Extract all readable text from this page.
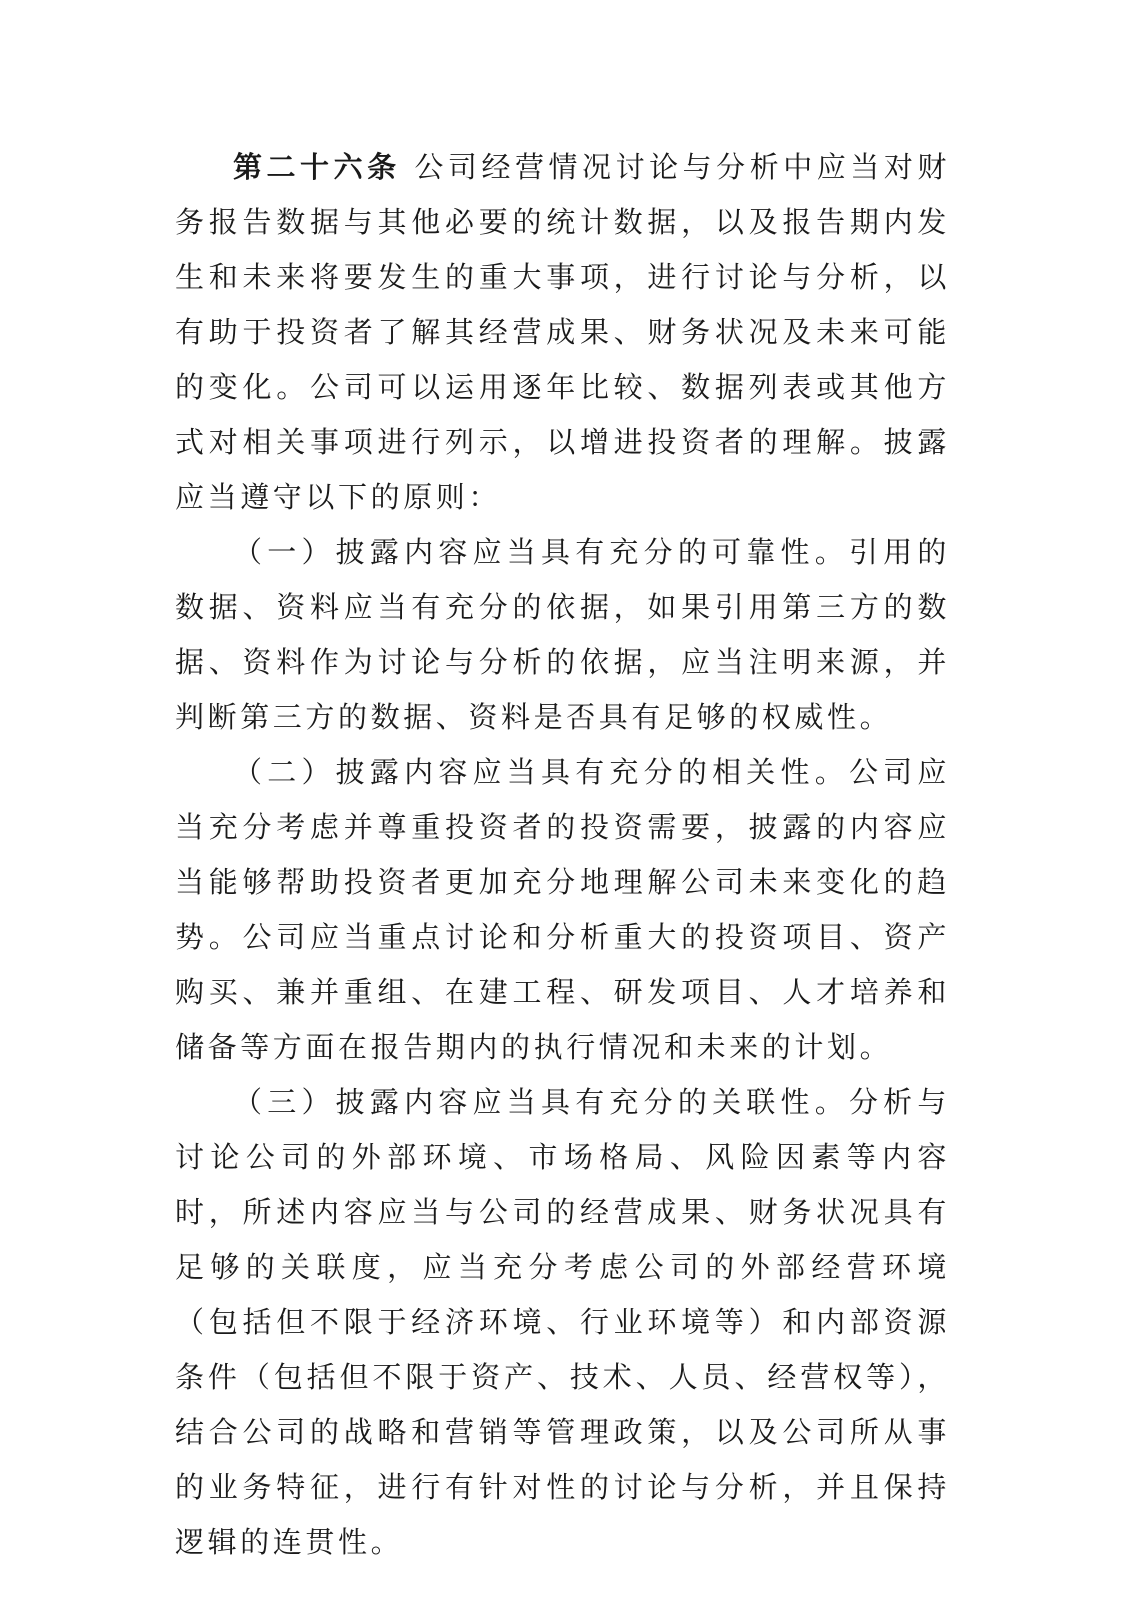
第二十六条 公司经营情况讨论与分析中应当对财务报告数据与其他必要的统计数据，以及报告期内发生和未来将要发生的重大事项，进行讨论与分析，以有助于投资者了解其经营成果、财务状况及未来可能的变化。公司可以运用逐年比较、数据列表或其他方式对相关事项进行列示，以增进投资者的理解。披露应当遵守以下的原则：

（一）披露内容应当具有充分的可靠性。引用的数据、资料应当有充分的依据，如果引用第三方的数据、资料作为讨论与分析的依据，应当注明来源，并判断第三方的数据、资料是否具有足够的权威性。

（二）披露内容应当具有充分的相关性。公司应当充分考虑并尊重投资者的投资需要，披露的内容应当能够帮助投资者更加充分地理解公司未来变化的趋势。公司应当重点讨论和分析重大的投资项目、资产购买、兼并重组、在建工程、研发项目、人才培养和储备等方面在报告期内的执行情况和未来的计划。

（三）披露内容应当具有充分的关联性。分析与讨论公司的外部环境、市场格局、风险因素等内容时，所述内容应当与公司的经营成果、财务状况具有足够的关联度，应当充分考虑公司的外部经营环境（包括但不限于经济环境、行业环境等）和内部资源条件（包括但不限于资产、技术、人员、经营权等），结合公司的战略和营销等管理政策，以及公司所从事的业务特征，进行有针对性的讨论与分析，并且保持逻辑的连贯性。
